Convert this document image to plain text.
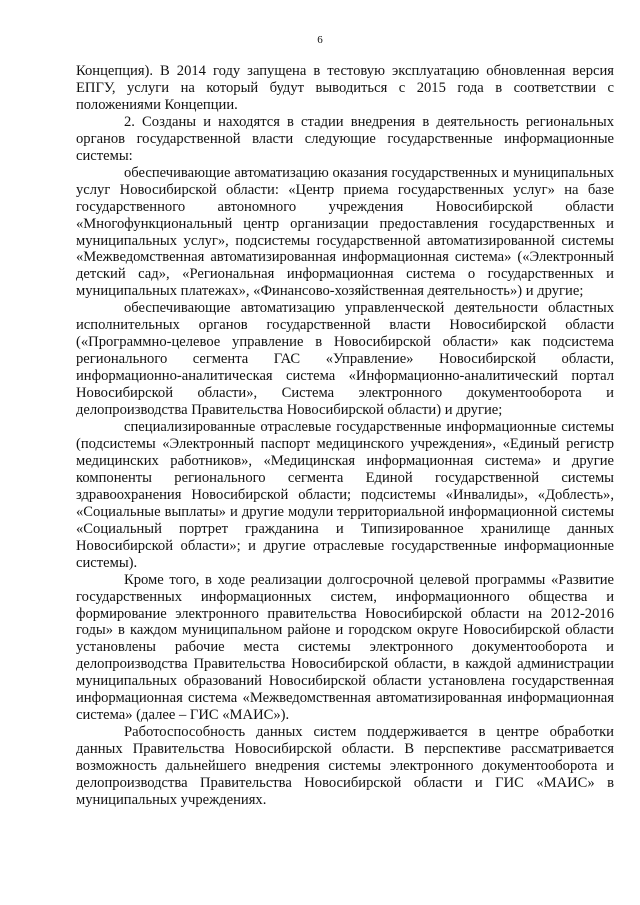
6

Концепция). В 2014 году запущена в тестовую эксплуатацию обновленная версия ЕПГУ, услуги на который будут выводиться с 2015 года в соответствии с положениями Концепции.

2. Созданы и находятся в стадии внедрения в деятельность региональных органов государственной власти следующие государственные информационные системы:

обеспечивающие автоматизацию оказания государственных и муниципальных услуг Новосибирской области: «Центр приема государственных услуг» на базе государственного автономного учреждения Новосибирской области «Многофункциональный центр организации предоставления государственных и муниципальных услуг», подсистемы государственной автоматизированной системы «Межведомственная автоматизированная информационная система» («Электронный детский сад», «Региональная информационная система о государственных и муниципальных платежах», «Финансово-хозяйственная деятельность») и другие;

обеспечивающие автоматизацию управленческой деятельности областных исполнительных органов государственной власти Новосибирской области («Программно-целевое управление в Новосибирской области» как подсистема регионального сегмента ГАС «Управление» Новосибирской области, информационно-аналитическая система «Информационно-аналитический портал Новосибирской области», Система электронного документооборота и делопроизводства Правительства Новосибирской области) и другие;

специализированные отраслевые государственные информационные системы (подсистемы «Электронный паспорт медицинского учреждения», «Единый регистр медицинских работников», «Медицинская информационная система» и другие компоненты регионального сегмента Единой государственной системы здравоохранения Новосибирской области; подсистемы «Инвалиды», «Доблесть», «Социальные выплаты» и другие модули территориальной информационной системы «Социальный портрет гражданина и Типизированное хранилище данных Новосибирской области»; и другие отраслевые государственные информационные системы).

Кроме того, в ходе реализации долгосрочной целевой программы «Развитие государственных информационных систем, информационного общества и формирование электронного правительства Новосибирской области на 2012-2016 годы» в каждом муниципальном районе и городском округе Новосибирской области установлены рабочие места системы электронного документооборота и делопроизводства Правительства Новосибирской области, в каждой администрации муниципальных образований Новосибирской области установлена государственная информационная система «Межведомственная автоматизированная информационная система» (далее – ГИС «МАИС»).

Работоспособность данных систем поддерживается в центре обработки данных Правительства Новосибирской области. В перспективе рассматривается возможность дальнейшего внедрения системы электронного документооборота и делопроизводства Правительства Новосибирской области и ГИС «МАИС» в муниципальных учреждениях.
